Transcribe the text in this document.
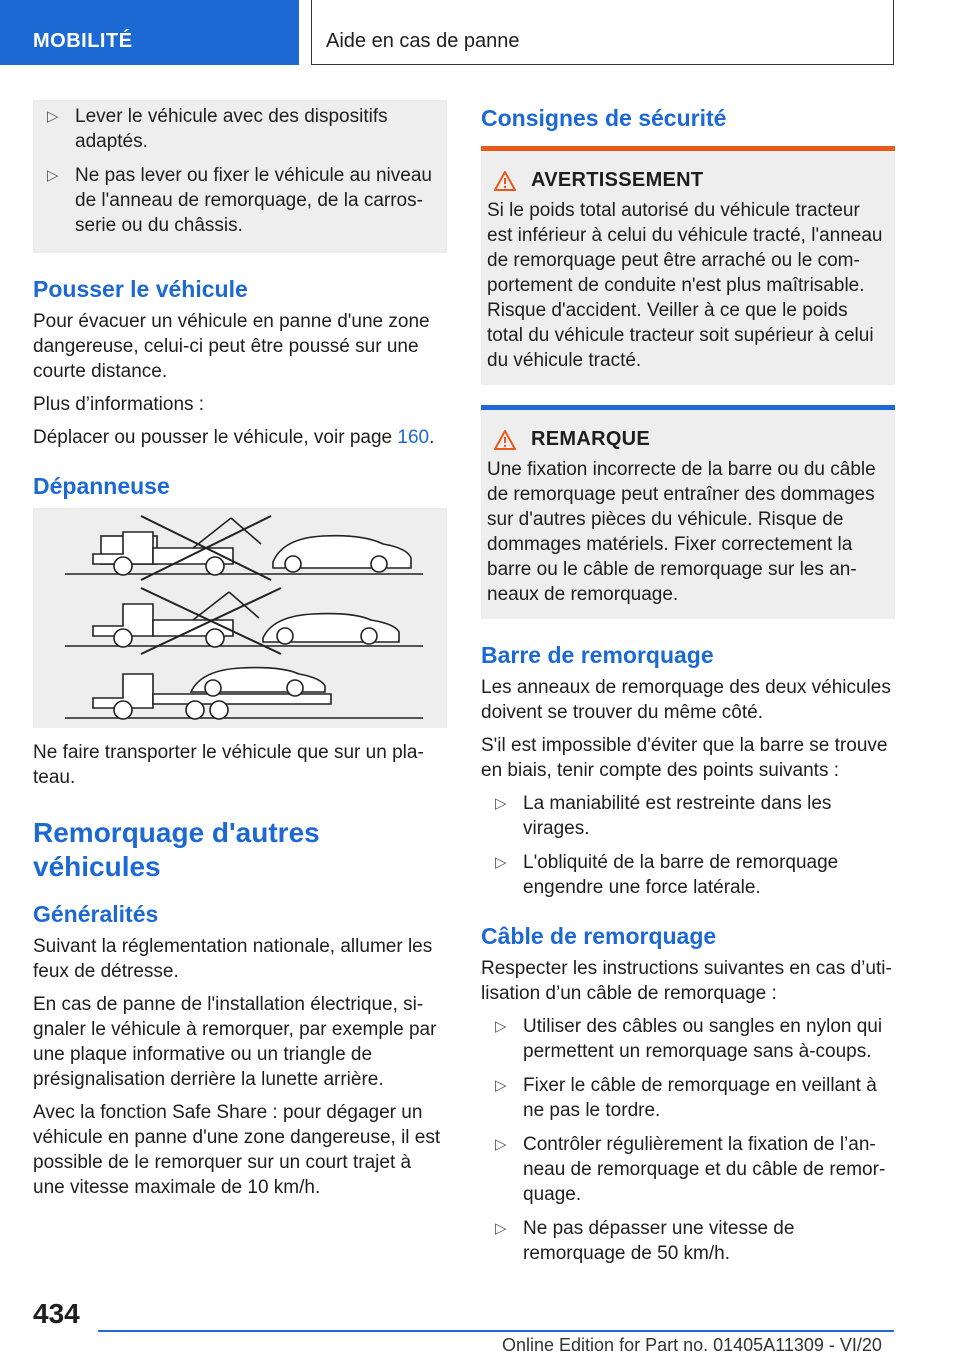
MOBILITÉ	Aide en cas de panne
▷ Lever le véhicule avec des dispositifs adaptés.
▷ Ne pas lever ou fixer le véhicule au niveau de l'anneau de remorquage, de la carrosserie ou du châssis.
Pousser le véhicule

Pour évacuer un véhicule en panne d'une zone dangereuse, celui-ci peut être poussé sur une courte distance.

Plus d’informations :

Déplacer ou pousser le véhicule, voir page 160.

Dépanneuse

Ne faire transporter le véhicule que sur un plateau.

Remorquage d'autres véhicules
Généralités

Suivant la réglementation nationale, allumer les feux de détresse.

En cas de panne de l'installation électrique, signaler le véhicule à remorquer, par exemple par une plaque informative ou un triangle de présignalisation derrière la lunette arrière.

Avec la fonction Safe Share : pour dégager un véhicule en panne d'une zone dangereuse, il est possible de le remorquer sur un court trajet à une vitesse maximale de 10 km/h.

Consignes de sécurité
AVERTISSEMENT

Si le poids total autorisé du véhicule tracteur est inférieur à celui du véhicule tracté, l'anneau de remorquage peut être arraché ou le comportement de conduite n'est plus maîtrisable. Risque d'accident. Veiller à ce que le poids total du véhicule tracteur soit supérieur à celui du véhicule tracté.

REMARQUE

Une fixation incorrecte de la barre ou du câble de remorquage peut entraîner des dommages sur d'autres pièces du véhicule. Risque de dommages matériels. Fixer correctement la barre ou le câble de remorquage sur les anneaux de remorquage.

Barre de remorquage

Les anneaux de remorquage des deux véhicules doivent se trouver du même côté.

S'il est impossible d'éviter que la barre se trouve en biais, tenir compte des points suivants :

▷ La maniabilité est restreinte dans les virages.
▷ L'obliquité de la barre de remorquage engendre une force latérale.
Câble de remorquage

Respecter les instructions suivantes en cas d’utilisation d’un câble de remorquage :

▷ Utiliser des câbles ou sangles en nylon qui permettent un remorquage sans à-coups.
▷ Fixer le câble de remorquage en veillant à ne pas le tordre.
▷ Contrôler régulièrement la fixation de l’anneau de remorquage et du câble de remorquage.
▷ Ne pas dépasser une vitesse de remorquage de 50 km/h.
434
Online Edition for Part no. 01405A11309 - VI/20
